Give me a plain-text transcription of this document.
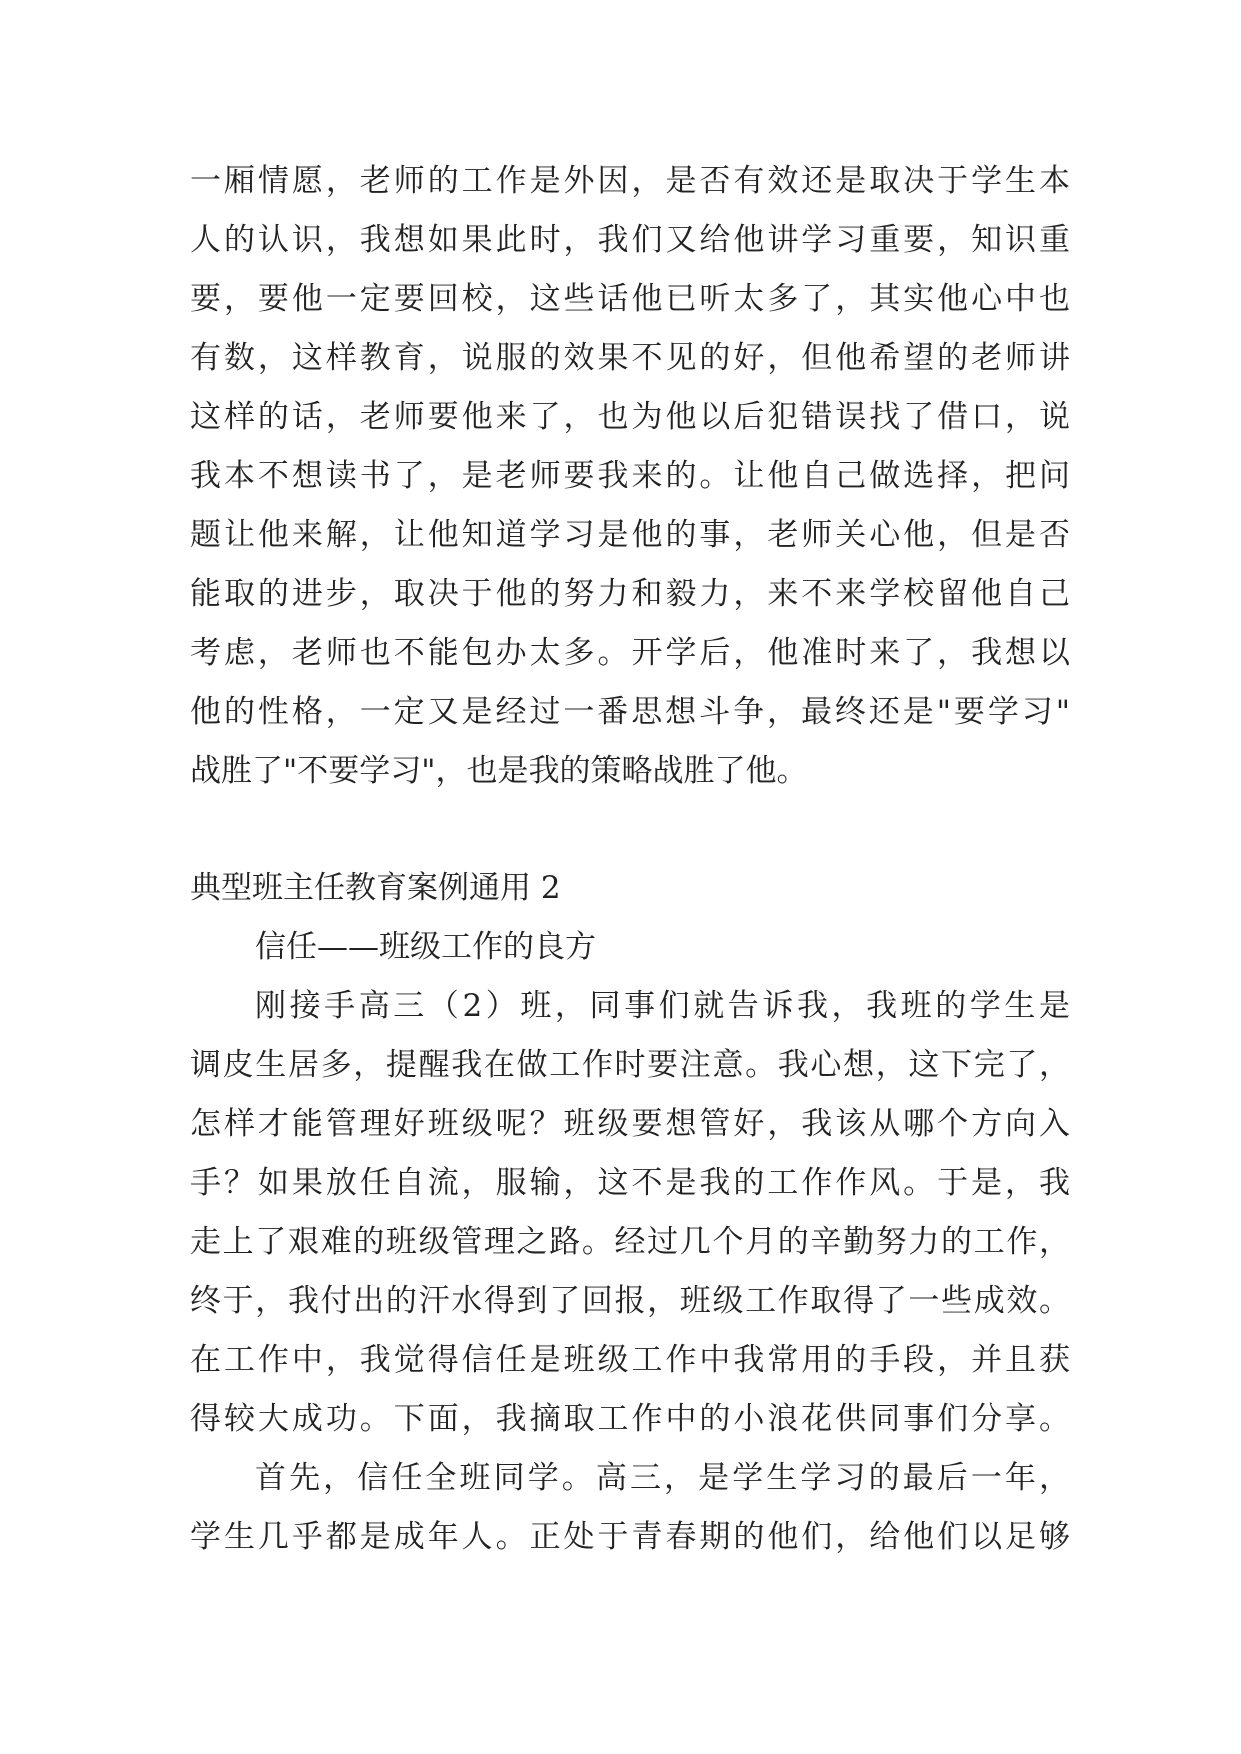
一厢情愿，老师的工作是外因，是否有效还是取决于学生本
人的认识，我想如果此时，我们又给他讲学习重要，知识重
要，要他一定要回校，这些话他已听太多了，其实他心中也
有数，这样教育，说服的效果不见的好，但他希望的老师讲
这样的话，老师要他来了，也为他以后犯错误找了借口，说
我本不想读书了，是老师要我来的。让他自己做选择，把问
题让他来解，让他知道学习是他的事，老师关心他，但是否
能取的进步，取决于他的努力和毅力，来不来学校留他自己
考虑，老师也不能包办太多。开学后，他准时来了，我想以
他的性格，一定又是经过一番思想斗争，最终还是"要学习"
战胜了"不要学习"，也是我的策略战胜了他。
典型班主任教育案例通用 2
信任——班级工作的良方
刚接手高三（2）班，同事们就告诉我，我班的学生是
调皮生居多，提醒我在做工作时要注意。我心想，这下完了，
怎样才能管理好班级呢？班级要想管好，我该从哪个方向入
手？如果放任自流，服输，这不是我的工作作风。于是，我
走上了艰难的班级管理之路。经过几个月的辛勤努力的工作，
终于，我付出的汗水得到了回报，班级工作取得了一些成效。
在工作中，我觉得信任是班级工作中我常用的手段，并且获
得较大成功。下面，我摘取工作中的小浪花供同事们分享。
首先，信任全班同学。高三，是学生学习的最后一年，
学生几乎都是成年人。正处于青春期的他们，给他们以足够
